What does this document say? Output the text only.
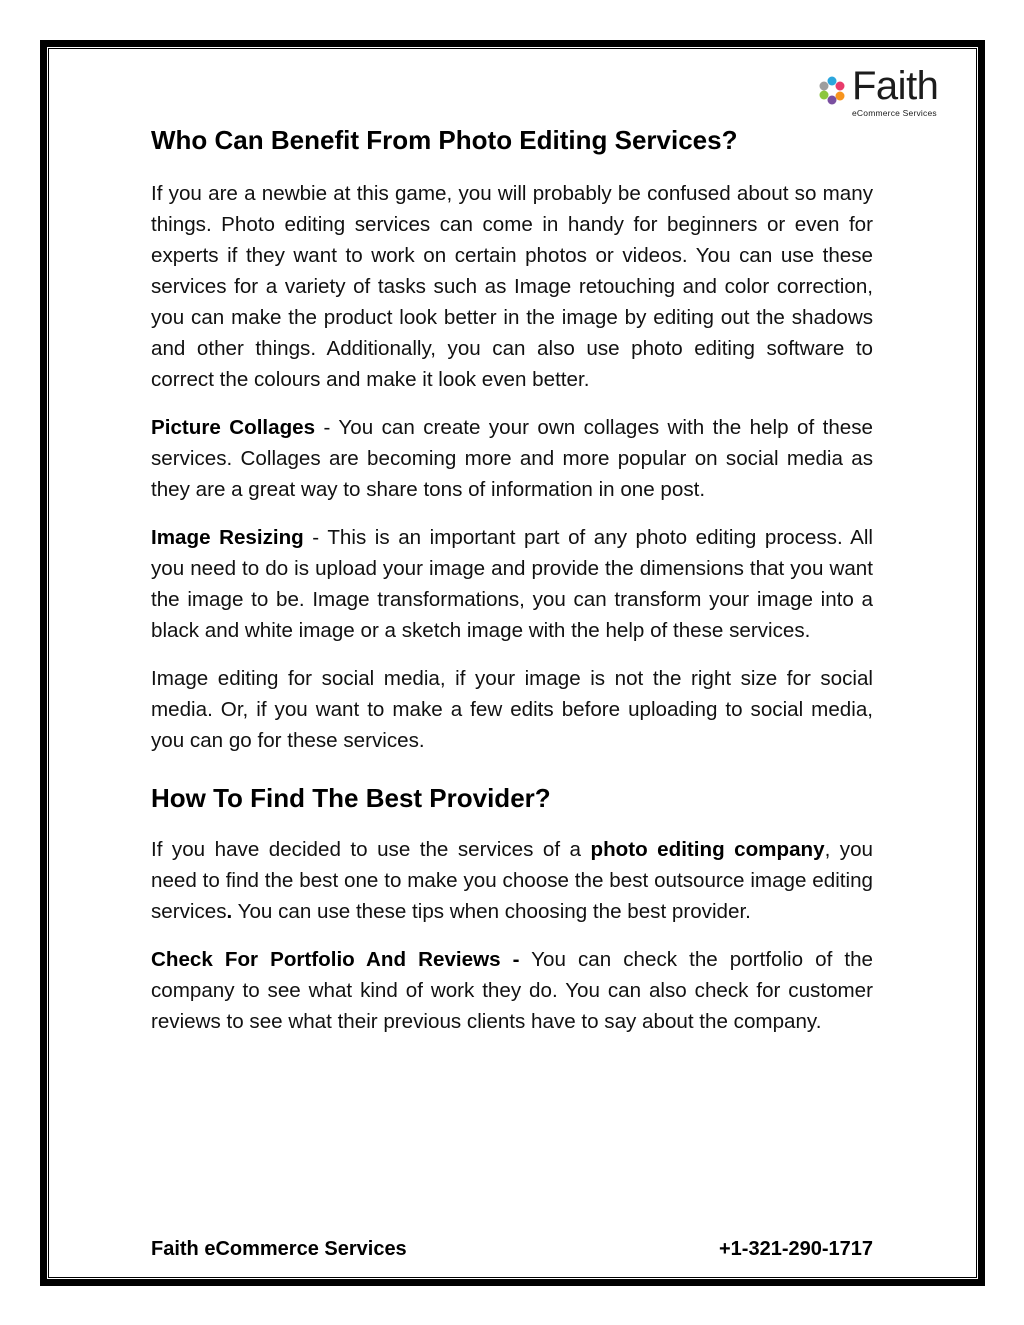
Faith
eCommerce Services
Who Can Benefit From Photo Editing Services?

If you are a newbie at this game, you will probably be confused about so many things. Photo editing services can come in handy for beginners or even for experts if they want to work on certain photos or videos. You can use these services for a variety of tasks such as Image retouching and color correction, you can make the product look better in the image by editing out the shadows and other things. Additionally, you can also use photo editing software to correct the colours and make it look even better.

Picture Collages - You can create your own collages with the help of these services. Collages are becoming more and more popular on social media as they are a great way to share tons of information in one post.

Image Resizing - This is an important part of any photo editing process. All you need to do is upload your image and provide the dimensions that you want the image to be. Image transformations, you can transform your image into a black and white image or a sketch image with the help of these services.

Image editing for social media, if your image is not the right size for social media. Or, if you want to make a few edits before uploading to social media, you can go for these services.

How To Find The Best Provider?

If you have decided to use the services of a photo editing company, you need to find the best one to make you choose the best outsource image editing services. You can use these tips when choosing the best provider.

Check For Portfolio And Reviews - You can check the portfolio of the company to see what kind of work they do. You can also check for customer reviews to see what their previous clients have to say about the company.

Faith eCommerce Services	+1-321-290-1717
